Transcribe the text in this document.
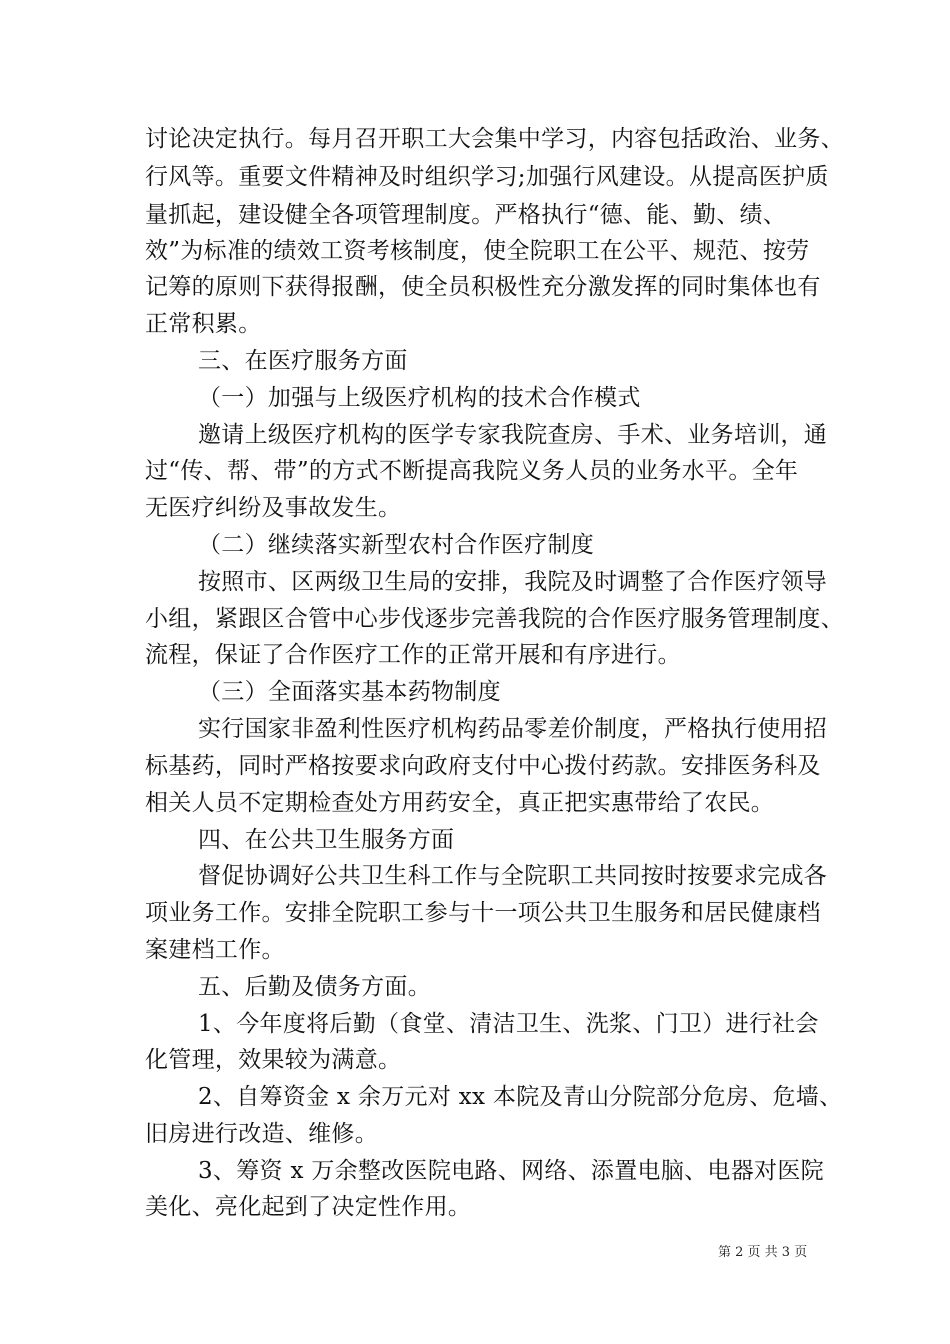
讨论决定执行。每月召开职工大会集中学习，内容包括政治、业务、
行风等。重要文件精神及时组织学习;加强行风建设。从提高医护质
量抓起，建设健全各项管理制度。严格执行“德、能、勤、绩、
效”为标准的绩效工资考核制度，使全院职工在公平、规范、按劳
记筹的原则下获得报酬，使全员积极性充分激发挥的同时集体也有
正常积累。
三、在医疗服务方面
（一）加强与上级医疗机构的技术合作模式
邀请上级医疗机构的医学专家我院查房、手术、业务培训，通
过“传、帮、带”的方式不断提高我院义务人员的业务水平。全年
无医疗纠纷及事故发生。
（二）继续落实新型农村合作医疗制度
按照市、区两级卫生局的安排，我院及时调整了合作医疗领导
小组，紧跟区合管中心步伐逐步完善我院的合作医疗服务管理制度、
流程，保证了合作医疗工作的正常开展和有序进行。
（三）全面落实基本药物制度
实行国家非盈利性医疗机构药品零差价制度，严格执行使用招
标基药，同时严格按要求向政府支付中心拨付药款。安排医务科及
相关人员不定期检查处方用药安全，真正把实惠带给了农民。
四、在公共卫生服务方面
督促协调好公共卫生科工作与全院职工共同按时按要求完成各
项业务工作。安排全院职工参与十一项公共卫生服务和居民健康档
案建档工作。
五、后勤及债务方面。
1、今年度将后勤（食堂、清洁卫生、洗浆、门卫）进行社会
化管理，效果较为满意。
2、自筹资金 x 余万元对 xx 本院及青山分院部分危房、危墙、
旧房进行改造、维修。
3、筹资 x 万余整改医院电路、网络、添置电脑、电器对医院
美化、亮化起到了决定性作用。
第 2 页 共 3 页
